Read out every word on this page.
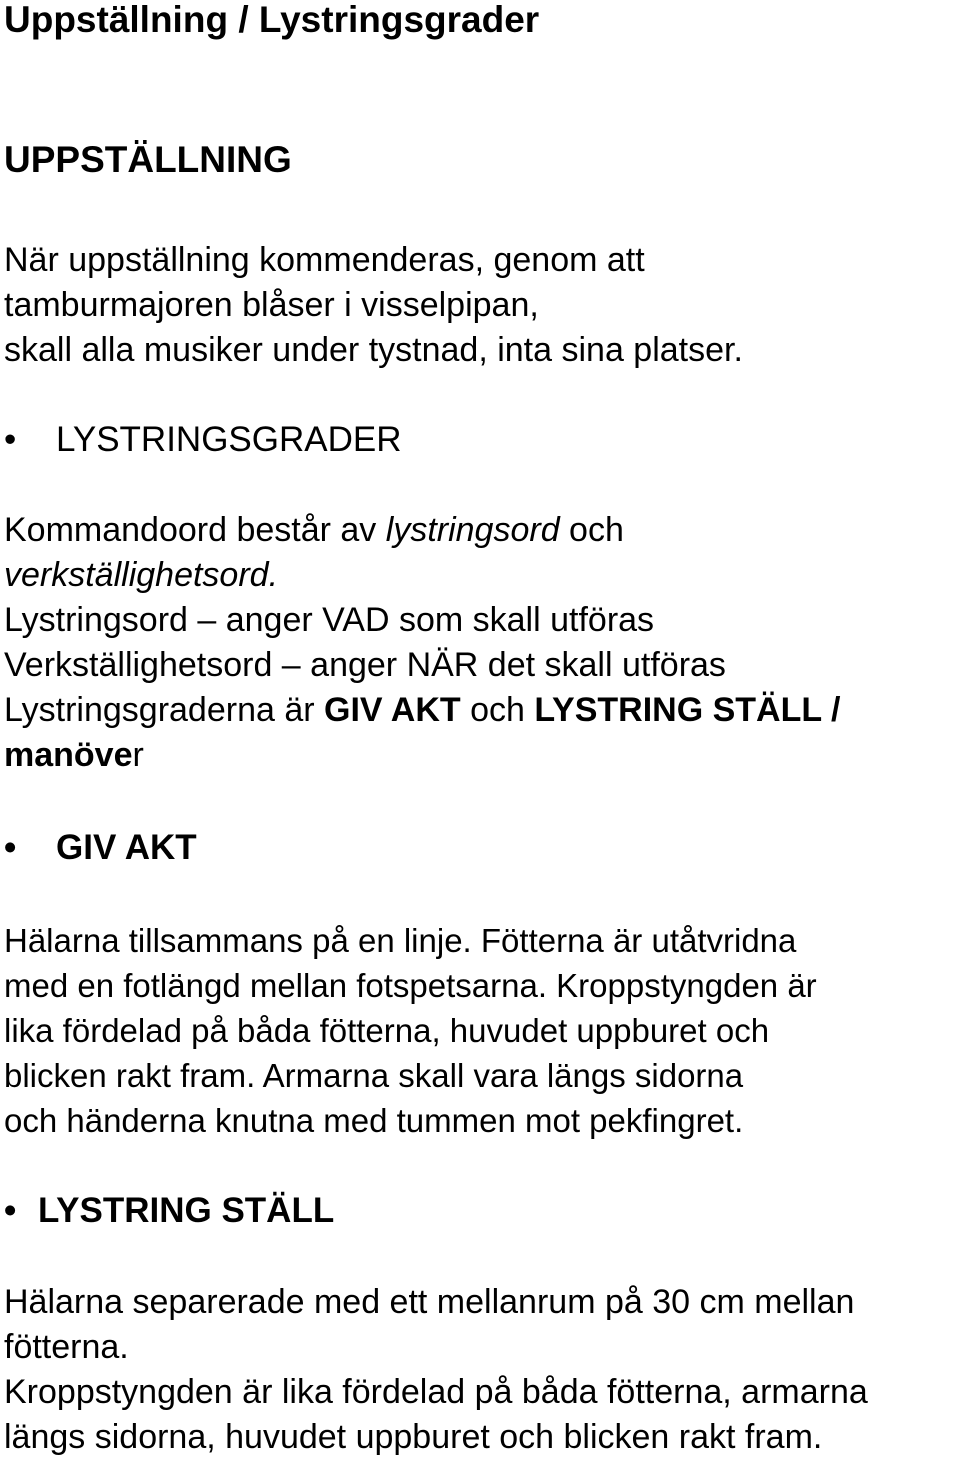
Uppställning / Lystringsgrader
UPPSTÄLLNING
När uppställning kommenderas, genom att
tamburmajoren blåser i visselpipan,
skall alla musiker under tystnad, inta sina platser.
• LYSTRINGSGRADER
Kommandoord består av lystringsord och
verkställighetsord.
Lystringsord – anger VAD som skall utföras
Verkställighetsord – anger NÄR det skall utföras
Lystringsgraderna är GIV AKT och LYSTRING STÄLL /
manöver
• GIV AKT
Hälarna tillsammans på en linje. Fötterna är utåtvridna
med en fotlängd mellan fotspetsarna. Kroppstyngden är
lika fördelad på båda fötterna, huvudet uppburet och
blicken rakt fram. Armarna skall vara längs sidorna
och händerna knutna med tummen mot pekfingret.
• LYSTRING STÄLL
Hälarna separerade med ett mellanrum på 30 cm mellan
fötterna.
Kroppstyngden är lika fördelad på båda fötterna, armarna
längs sidorna, huvudet uppburet och blicken rakt fram.
